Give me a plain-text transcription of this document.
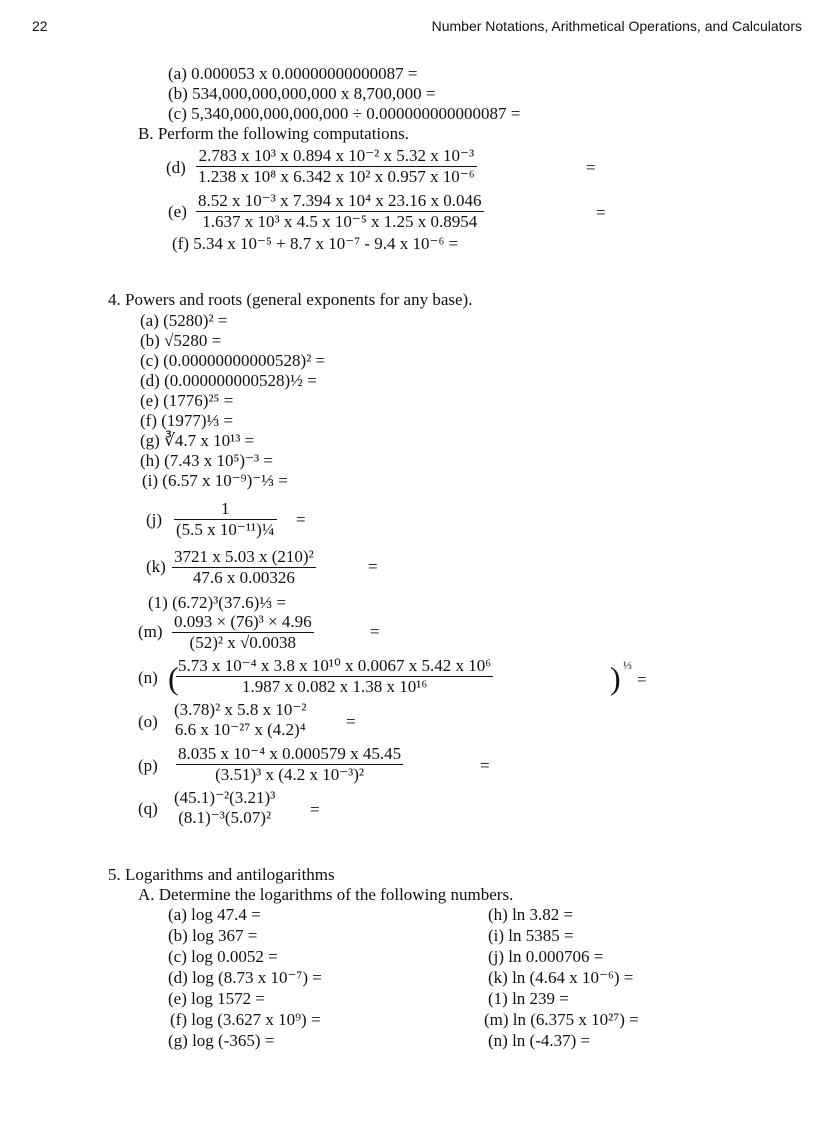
22	Number Notations, Arithmetical Operations, and Calculators
(a) 0.000053 x 0.00000000000087 =
(b) 534,000,000,000,000 x 8,700,000 =
(c) 5,340,000,000,000,000 ÷ 0.000000000000087 =
B. Perform the following computations.
$(d) \frac{\text{2.783 x 10³ x 0.894 x 10⁻² x 5.32 x 10⁻³}}{\text{1.238 x 10⁸ x 6.342 x 10² x 0.957 x 10⁻⁶}}$	=
$(e) \frac{\text{8.52 x 10⁻³ x 7.394 x 10⁴ x 23.16 x 0.046}}{\text{1.637 x 10³ x 4.5 x 10⁻⁵ x 1.25 x 0.8954}}$	=
(f) 5.34 x 10⁻⁵ + 8.7 x 10⁻⁷ - 9.4 x 10⁻⁶ =
4. Powers and roots (general exponents for any base).
(a) (5280)² =
(b) √5280 =
(c) (0.00000000000528)² =
(d) (0.000000000528)½ =
(e) (1776)²⁵ =
(f) (1977)⅓ =
(g) ∛4.7 x 10¹³ =
(h) (7.43 x 10⁵)⁻³ =
(i) (6.57 x 10⁻⁹)⁻⅓ =
$(j) \frac{1}{\text{(5.5 x 10⁻¹¹)¼}}$ =
$(k) \frac{\text{3721 x 5.03 x (210)²}}{47.6 x 0.00326}$	=
(1) (6.72)³(37.6)⅓ =
$(m) \frac{\text{0.093 × (76)³ × 4.96}}{\text{(52)² x √0.0038}}$	=
(n) (
$\frac{\text{5.73 x 10⁻⁴ x 3.8 x 10¹⁰ x 0.0067 x 5.42 x 10⁶}}{\text{1.987 x 0.082 x 1.38 x 10¹⁶}}$	) ⅓
=
(o)
(3.78)² x 5.8 x 10⁻²
6.6 x 10⁻²⁷ x (4.2)⁴ =
$(p) \frac{\text{8.035 x 10⁻⁴ x 0.000579 x 45.45}}{\text{(3.51)³ x (4.2 x 10⁻³)²}}$	=
(q)
(45.1)⁻²(3.21)³
(8.1)⁻³(5.07)²	=
5. Logarithms and antilogarithms
A. Determine the logarithms of the following numbers.
(a) log 47.4 =
(b) log 367 =
(c) log 0.0052 =
(d) log (8.73 x 10⁻⁷) =
(e) log 1572 =
(f) log (3.627 x 10⁹) =
(g) log (-365) =
(h) ln 3.82 =
(i) ln 5385 =
(j) ln 0.000706 =
(k) ln (4.64 x 10⁻⁶) =
(1) ln 239 =
(m) ln (6.375 x 10²⁷) =
(n) ln (-4.37) =
